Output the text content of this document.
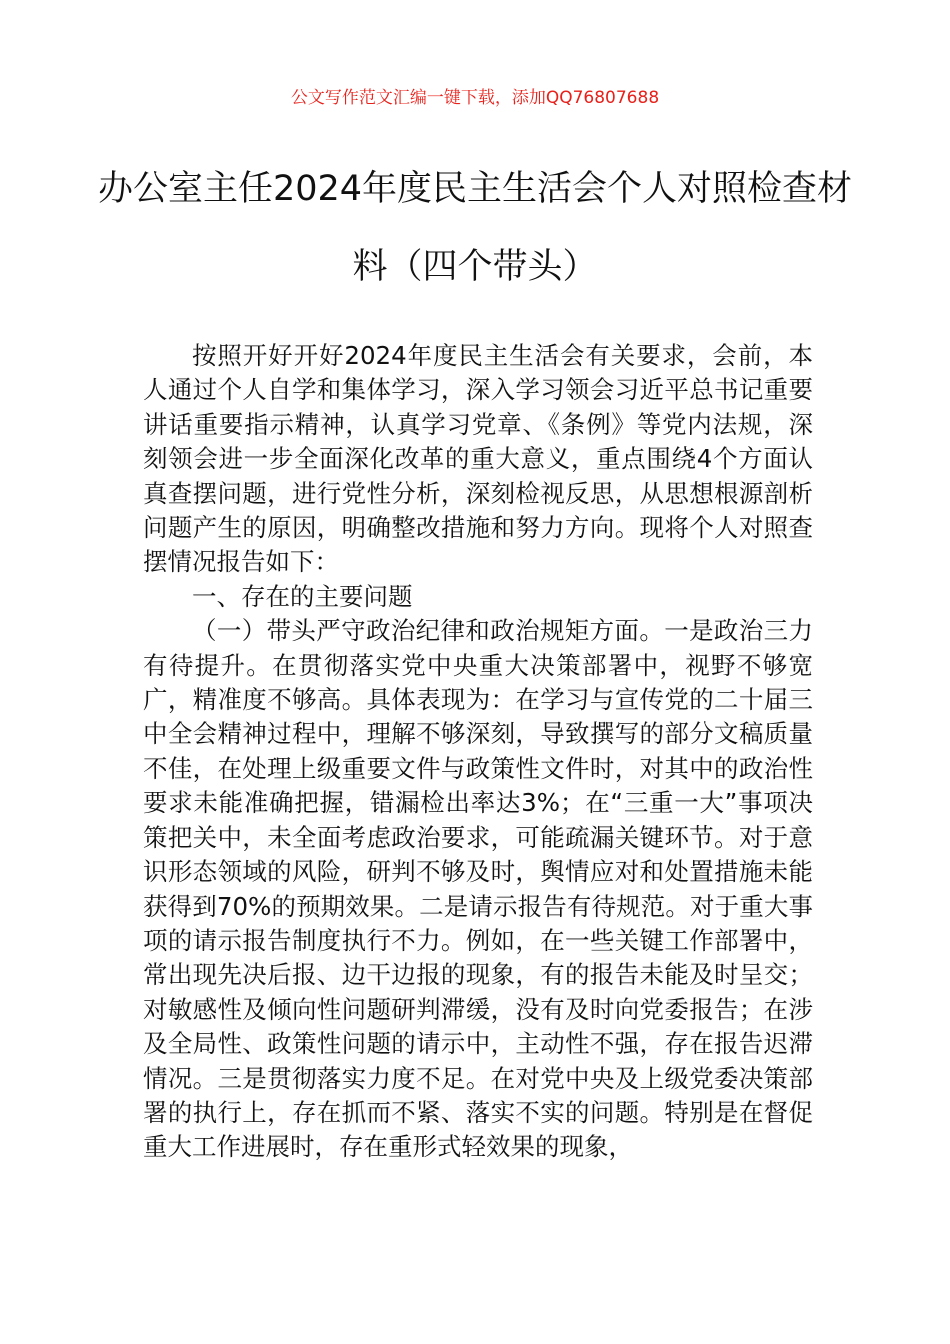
公文写作范文汇编一键下载，添加QQ76807688
办公室主任2024年度民主生活会个人对照检查材料（四个带头）

按照开好开好2024年度民主生活会有关要求，会前，本人通过个人自学和集体学习，深入学习领会习近平总书记重要讲话重要指示精神，认真学习党章、《条例》等党内法规，深刻领会进一步全面深化改革的重大意义，重点围绕4个方面认真查摆问题，进行党性分析，深刻检视反思，从思想根源剖析问题产生的原因，明确整改措施和努力方向。现将个人对照查摆情况报告如下：

一、存在的主要问题

（一）带头严守政治纪律和政治规矩方面。一是政治三力有待提升。在贯彻落实党中央重大决策部署中，视野不够宽广，精准度不够高。具体表现为：在学习与宣传党的二十届三中全会精神过程中，理解不够深刻，导致撰写的部分文稿质量不佳，在处理上级重要文件与政策性文件时，对其中的政治性要求未能准确把握，错漏检出率达3%；在“三重一大”事项决策把关中，未全面考虑政治要求，可能疏漏关键环节。对于意识形态领域的风险，研判不够及时，舆情应对和处置措施未能获得到70%的预期效果。二是请示报告有待规范。对于重大事项的请示报告制度执行不力。例如，在一些关键工作部署中，常出现先决后报、边干边报的现象，有的报告未能及时呈交；对敏感性及倾向性问题研判滞缓，没有及时向党委报告；在涉及全局性、政策性问题的请示中，主动性不强，存在报告迟滞情况。三是贯彻落实力度不足。在对党中央及上级党委决策部署的执行上，存在抓而不紧、落实不实的问题。特别是在督促重大工作进展时，存在重形式轻效果的现象，
